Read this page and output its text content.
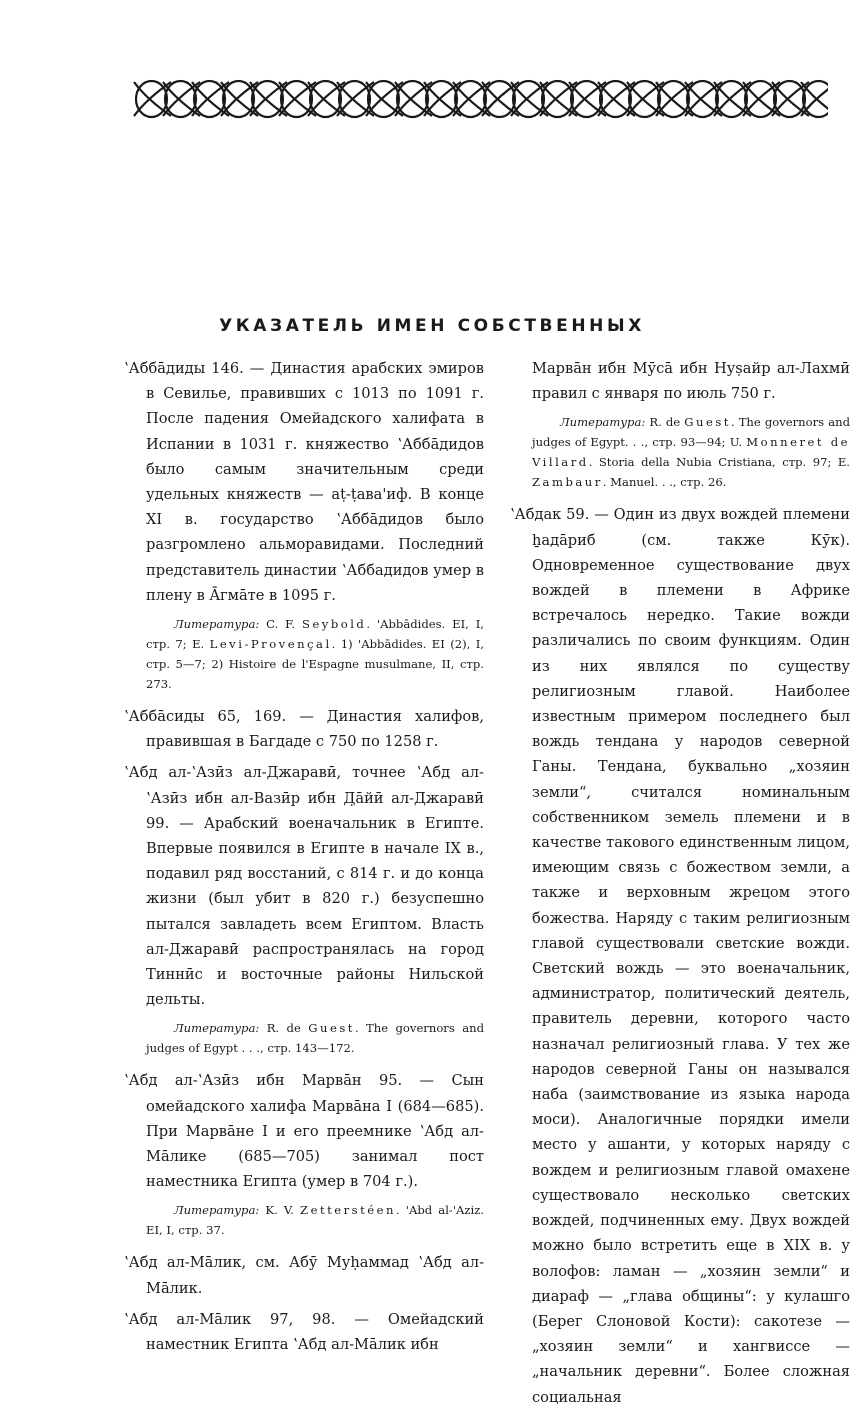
УКАЗАТЕЛЬ ИМЕН СОБСТВЕННЫХ

ʽАббāдиды 146. — Династия арабских эмиров в Севилье, правивших с 1013 по 1091 г. После падения Омейадского халифата в Испании в 1031 г. княжество ʽАббāдидов было самым значительным среди удельных княжеств — аṭ-ṭава'иф. В конце XI в. государство ʽАббāдидов было разгромлено альморавидами. Последний представитель династии ʽАббадидов умер в плену в Āгмāте в 1095 г.

Литература: C. F. Seybold. 'Abbādides. EI, I, стр. 7; E. Levi-Provençal. 1) 'Abbādides. EI (2), I, стр. 5—7; 2) Histoire de l'Espagne musulmane, II, стр. 273.

ʽАббāсиды 65, 169. — Династия халифов, правившая в Багдаде с 750 по 1258 г.

ʽАбд ал-ʽАзӣз ал-Джаравӣ, точнее ʽАбд ал-ʽАзӣз ибн ал-Вазӣр ибн Д̣āйӣ ал-Джаравӣ 99. — Арабский военачальник в Египте. Впервые появился в Египте в начале IX в., подавил ряд восстаний, с 814 г. и до конца жизни (был убит в 820 г.) безуспешно пытался завладеть всем Египтом. Власть ал-Джаравӣ распространялась на город Тиннӣс и восточные районы Нильской дельты.

Литература: R. de Guest. The governors and judges of Egypt . . ., стр. 143—172.

ʽАбд ал-ʽАзӣз ибн Марвāн 95. — Сын омейадского халифа Марвāна I (684—685). При Марвāне I и его преемнике ʽАбд ал-Мāлике (685—705) занимал пост наместника Египта (умер в 704 г.).

Литература: K. V. Zetterstéen. 'Abd al-'Aziz. EI, I, стр. 37.

ʽАбд ал-Мāлик, см. Абӯ Муḥаммад ʽАбд ал-Мāлик.

ʽАбд ал-Мāлик 97, 98. — Омейадский наместник Египта ʽАбд ал-Мāлик ибн

Марвāн ибн Мӯсā ибн Нуṣайр ал-Лахмӣ правил с января по июль 750 г.

Литература: R. de Guest. The governors and judges of Egypt. . ., стр. 93—94; U. Monneret de Villard. Storia della Nubia Cristiana, стр. 97; E. Zambaur. Manuel. . ., стр. 26.

ʽАбдак 59. — Один из двух вождей племени ẖадāриб (см. также Кӯк). Одновременное существование двух вождей в племени в Африке встречалось нередко. Такие вожди различались по своим функциям. Один из них являлся по существу религиозным главой. Наиболее известным примером последнего был вождь тендана у народов северной Ганы. Тендана, буквально „хозяин земли“, считался номинальным собственником земель племени и в качестве такового единственным лицом, имеющим связь с божеством земли, а также и верховным жрецом этого божества. Наряду с таким религиозным главой существовали светские вожди. Светский вождь — это военачальник, администратор, политический деятель, правитель деревни, которого часто назначал религиозный глава. У тех же народов северной Ганы он назывался наба (заимствование из языка народа моси). Аналогичные порядки имели место у ашанти, у которых наряду с вождем и религиозным главой омахене существовало несколько светских вождей, подчиненных ему. Двух вождей можно было встретить еще в XIX в. у волофов: ламан — „хозяин земли“ и диараф — „глава общины“: у кулашго (Берег Слоновой Кости): сакотезе — „хозяин земли“ и хангвиссе — „начальник деревни“. Более сложная социальная
